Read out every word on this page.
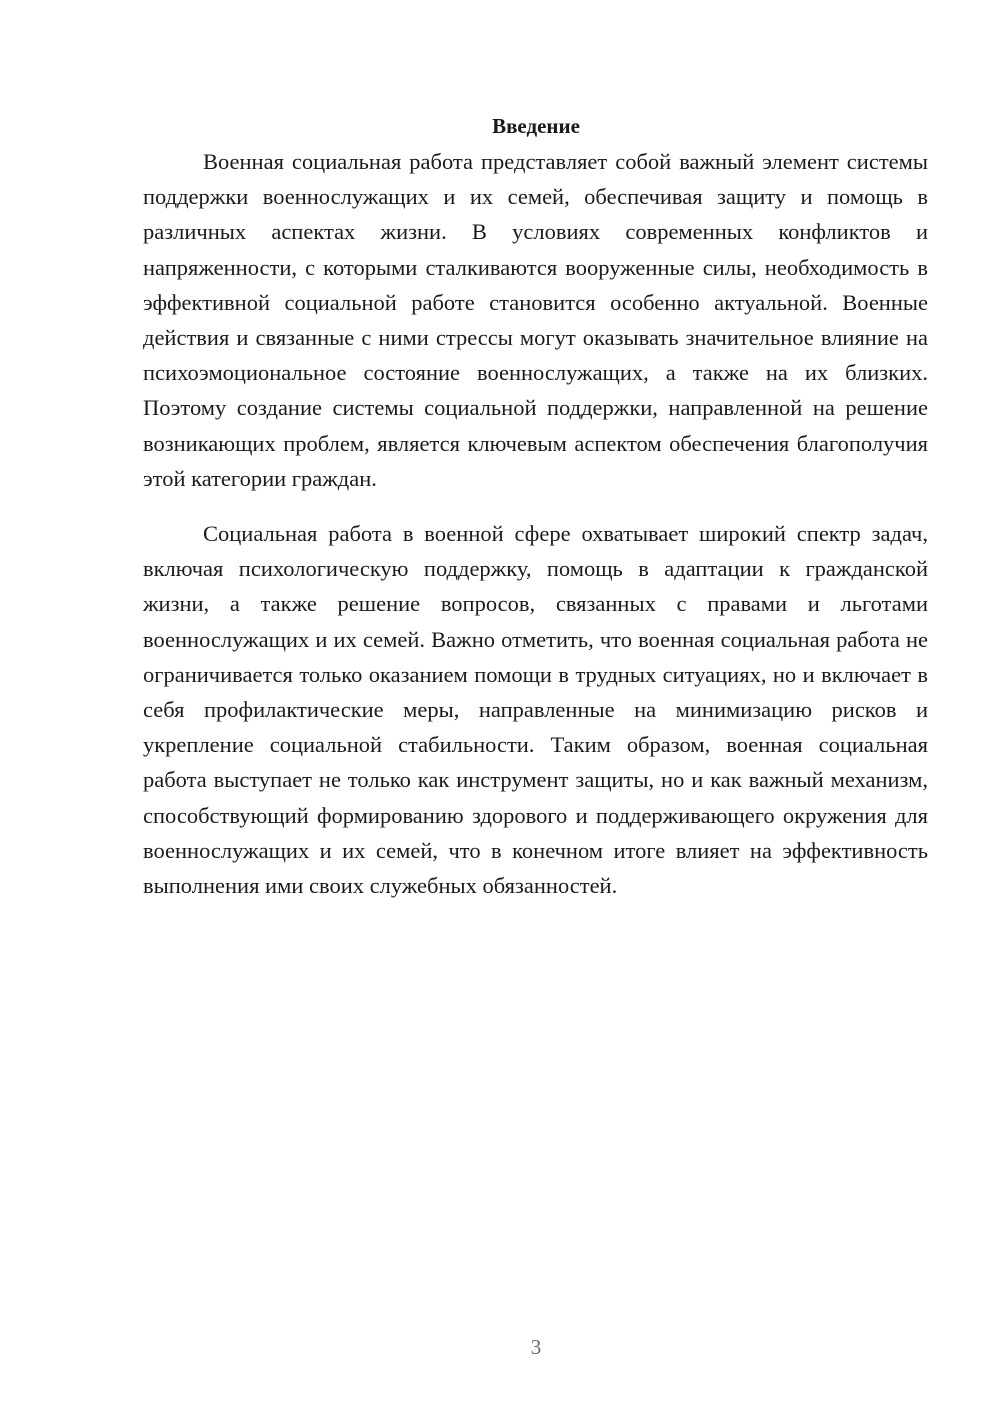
Введение

Военная социальная работа представляет собой важный элемент системы поддержки военнослужащих и их семей, обеспечивая защиту и помощь в различных аспектах жизни. В условиях современных конфликтов и напряженности, с которыми сталкиваются вооруженные силы, необходимость в эффективной социальной работе становится особенно актуальной. Военные действия и связанные с ними стрессы могут оказывать значительное влияние на психоэмоциональное состояние военнослужащих, а также на их близких. Поэтому создание системы социальной поддержки, направленной на решение возникающих проблем, является ключевым аспектом обеспечения благополучия этой категории граждан.

Социальная работа в военной сфере охватывает широкий спектр задач, включая психологическую поддержку, помощь в адаптации к гражданской жизни, а также решение вопросов, связанных с правами и льготами военнослужащих и их семей. Важно отметить, что военная социальная работа не ограничивается только оказанием помощи в трудных ситуациях, но и включает в себя профилактические меры, направленные на минимизацию рисков и укрепление социальной стабильности. Таким образом, военная социальная работа выступает не только как инструмент защиты, но и как важный механизм, способствующий формированию здорового и поддерживающего окружения для военнослужащих и их семей, что в конечном итоге влияет на эффективность выполнения ими своих служебных обязанностей.

3
